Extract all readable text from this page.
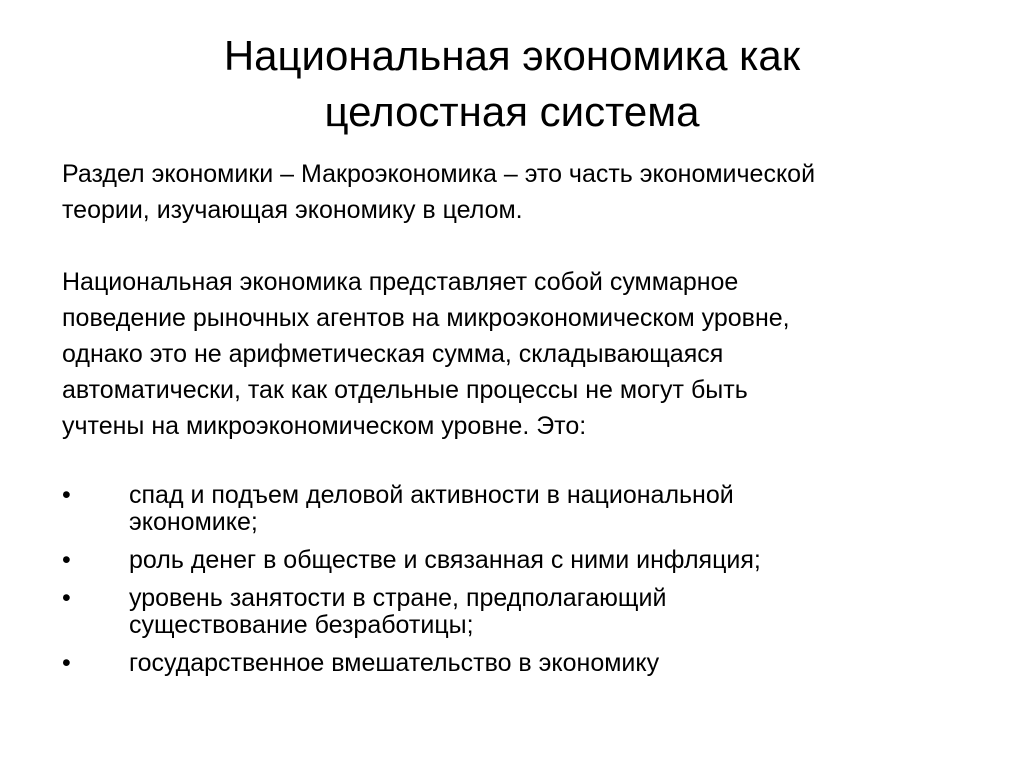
Национальная экономика как
целостная система

Раздел экономики – Макроэкономика – это часть экономической
теории, изучающая экономику в целом.

Национальная экономика представляет собой суммарное
поведение рыночных агентов на микроэкономическом уровне,
однако это не арифметическая сумма, складывающаяся
автоматически, так как отдельные процессы не могут быть
учтены на микроэкономическом уровне. Это:

•	спад и подъем деловой активности в национальной
экономике;
•	роль денег в обществе и связанная с ними инфляция;
•	уровень занятости в стране, предполагающий
существование безработицы;
•	государственное вмешательство в экономику
